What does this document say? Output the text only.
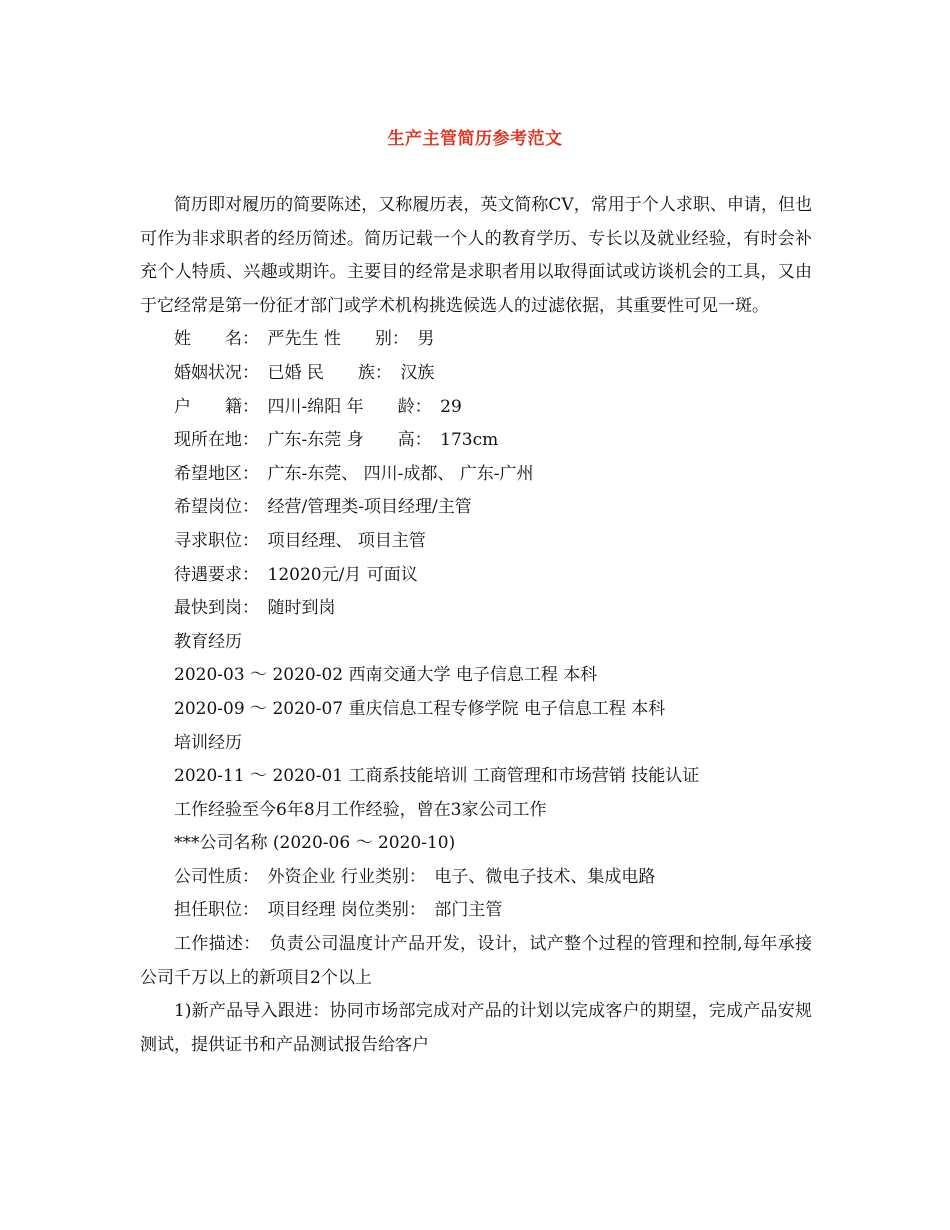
生产主管简历参考范文

简历即对履历的简要陈述，又称履历表，英文简称CV，常用于个人求职、申请，但也可作为非求职者的经历简述。简历记载一个人的教育学历、专长以及就业经验，有时会补充个人特质、兴趣或期许。主要目的经常是求职者用以取得面试或访谈机会的工具，又由于它经常是第一份征才部门或学术机构挑选候选人的过滤依据，其重要性可见一斑。

姓　　名：　严先生 性　　别：　男
婚姻状况：　已婚 民　　族：　汉族
户　　籍：　四川-绵阳 年　　龄：　29
现所在地：　广东-东莞 身　　高：　173cm
希望地区：　广东-东莞、 四川-成都、 广东-广州
希望岗位：　经营/管理类-项目经理/主管
寻求职位：　项目经理、 项目主管
待遇要求：　12020元/月 可面议
最快到岗：　随时到岗
教育经历
2020-03 ～ 2020-02 西南交通大学 电子信息工程 本科
2020-09 ～ 2020-07 重庆信息工程专修学院 电子信息工程 本科
培训经历
2020-11 ～ 2020-01 工商系技能培训 工商管理和市场营销 技能认证
工作经验至今6年8月工作经验，曾在3家公司工作
***公司名称 (2020-06 ～ 2020-10)
公司性质：　外资企业 行业类别：　电子、微电子技术、集成电路
担任职位：　项目经理 岗位类别：　部门主管

工作描述：　负责公司温度计产品开发，设计，试产整个过程的管理和控制,每年承接公司千万以上的新项目2个以上

1)新产品导入跟进：协同市场部完成对产品的计划以完成客户的期望，完成产品安规测试，提供证书和产品测试报告给客户
